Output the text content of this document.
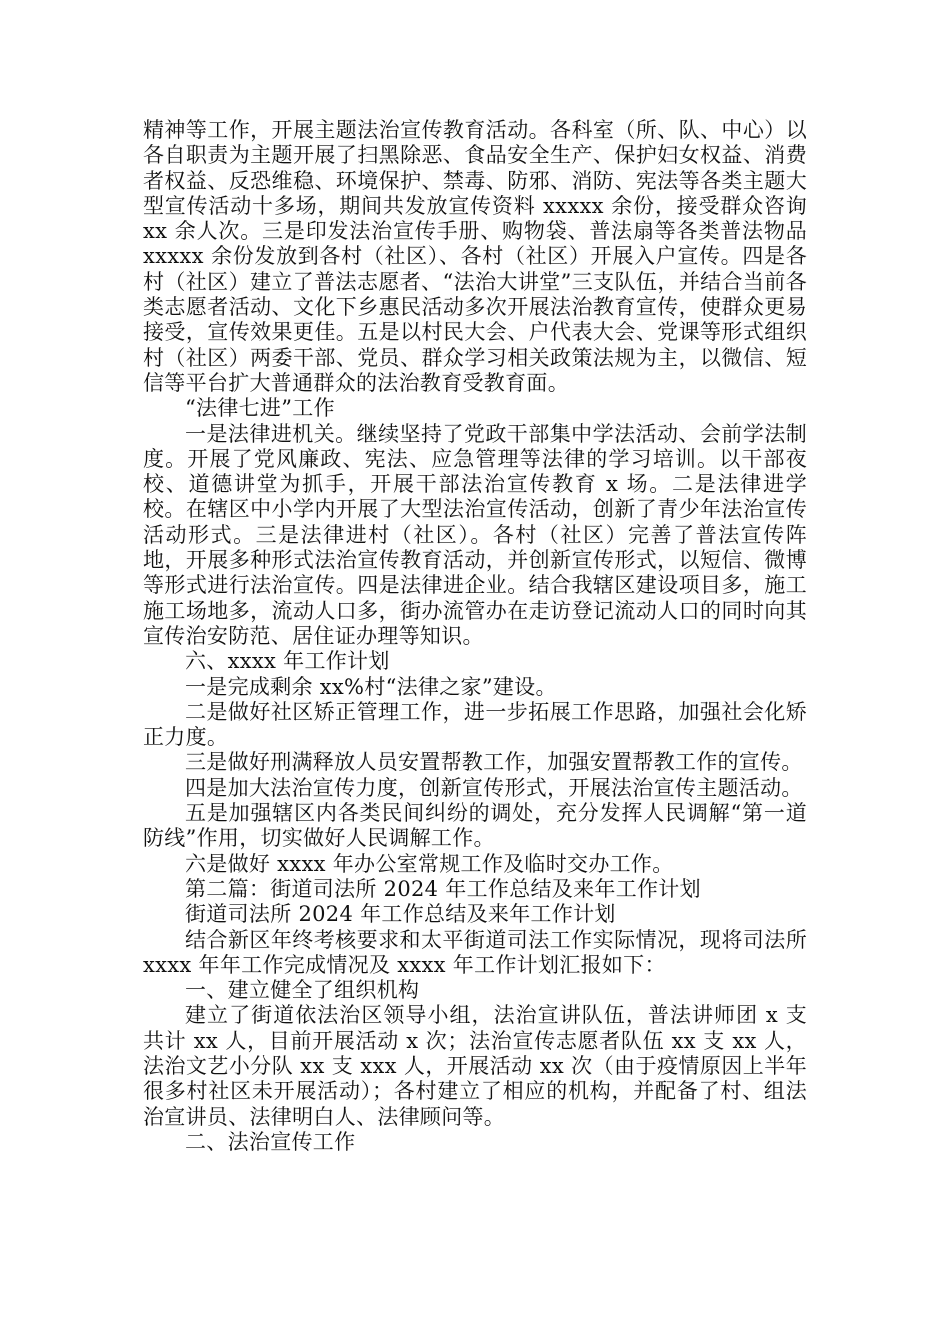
精神等工作，开展主题法治宣传教育活动。各科室（所、队、中心）以各自职责为主题开展了扫黑除恶、食品安全生产、保护妇女权益、消费者权益、反恐维稳、环境保护、禁毒、防邪、消防、宪法等各类主题大型宣传活动十多场，期间共发放宣传资料 xxxxx 余份，接受群众咨询 xx 余人次。三是印发法治宣传手册、购物袋、普法扇等各类普法物品 xxxxx 余份发放到各村（社区）、各村（社区）开展入户宣传。四是各村（社区）建立了普法志愿者、“法治大讲堂”三支队伍，并结合当前各类志愿者活动、文化下乡惠民活动多次开展法治教育宣传，使群众更易接受，宣传效果更佳。五是以村民大会、户代表大会、党课等形式组织村（社区）两委干部、党员、群众学习相关政策法规为主，以微信、短信等平台扩大普通群众的法治教育受教育面。

“法律七进”工作

一是法律进机关。继续坚持了党政干部集中学法活动、会前学法制度。开展了党风廉政、宪法、应急管理等法律的学习培训。以干部夜校、道德讲堂为抓手，开展干部法治宣传教育 x 场。二是法律进学校。在辖区中小学内开展了大型法治宣传活动，创新了青少年法治宣传活动形式。三是法律进村（社区）。各村（社区）完善了普法宣传阵地，开展多种形式法治宣传教育活动，并创新宣传形式，以短信、微博等形式进行法治宣传。四是法律进企业。结合我辖区建设项目多，施工施工场地多，流动人口多，街办流管办在走访登记流动人口的同时向其宣传治安防范、居住证办理等知识。

六、xxxx 年工作计划

一是完成剩余 xx%村“法律之家”建设。

二是做好社区矫正管理工作，进一步拓展工作思路，加强社会化矫正力度。

三是做好刑满释放人员安置帮教工作，加强安置帮教工作的宣传。

四是加大法治宣传力度，创新宣传形式，开展法治宣传主题活动。

五是加强辖区内各类民间纠纷的调处，充分发挥人民调解“第一道防线”作用，切实做好人民调解工作。

六是做好 xxxx 年办公室常规工作及临时交办工作。

第二篇：街道司法所 2024 年工作总结及来年工作计划

街道司法所 2024 年工作总结及来年工作计划

结合新区年终考核要求和太平街道司法工作实际情况，现将司法所 xxxx 年年工作完成情况及 xxxx 年工作计划汇报如下：

一、建立健全了组织机构

建立了街道依法治区领导小组，法治宣讲队伍，普法讲师团 x 支共计 xx 人，目前开展活动 x 次；法治宣传志愿者队伍 xx 支 xx 人，法治文艺小分队 xx 支 xxx 人，开展活动 xx 次（由于疫情原因上半年很多村社区未开展活动）；各村建立了相应的机构，并配备了村、组法治宣讲员、法律明白人、法律顾问等。

二、法治宣传工作
